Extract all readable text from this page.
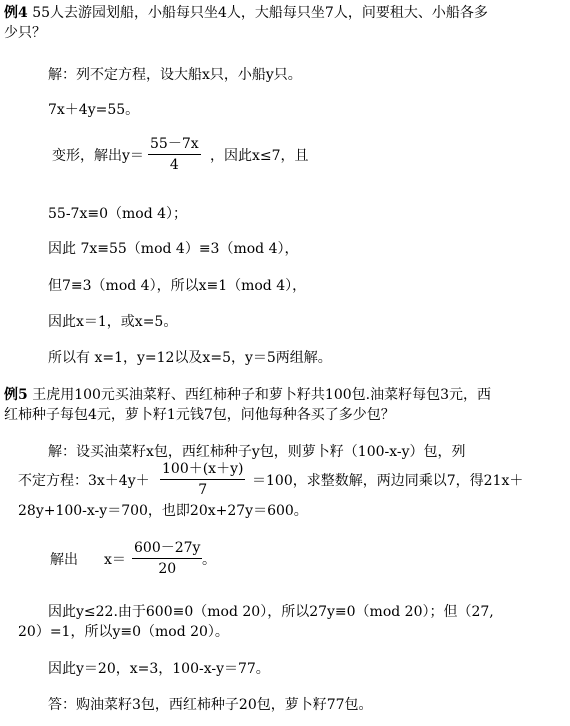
例4 55人去游园划船，小船每只坐4人，大船每只坐7人，问要租大、小船各多
少只？
解：列不定方程，设大船x只，小船y只。
7x＋4y=55。
变形，解出y＝
55－7x
4
，因此x≤7，且
55-7x≡0（mod 4）；
因此 7x≡55（mod 4）≡3（mod 4），
但7≡3（mod 4），所以x≡1（mod 4），
因此x＝1，或x=5。
所以有 x=1，y=12以及x=5，y＝5两组解。
例5 王虎用100元买油菜籽、西红柿种子和萝卜籽共100包.油菜籽每包3元，西
红柿种子每包4元，萝卜籽1元钱7包，问他每种各买了多少包？
解：设买油菜籽x包，西红柿种子y包，则萝卜籽（100-x-y）包，列
不定方程：3x＋4y＋
100＋(x＋y)
7
＝100，求整数解，两边同乘以7，得21x＋
28y+100-x-y＝700，也即20x+27y＝600。
解出 x＝
600－27y
20
。
因此y≤22.由于600≡0（mod 20），所以27y≡0（mod 20）；但（27,
20）=1，所以y≡0（mod 20）。
因此y＝20，x=3，100-x-y＝77。
答：购油菜籽3包，西红柿种子20包，萝卜籽77包。
